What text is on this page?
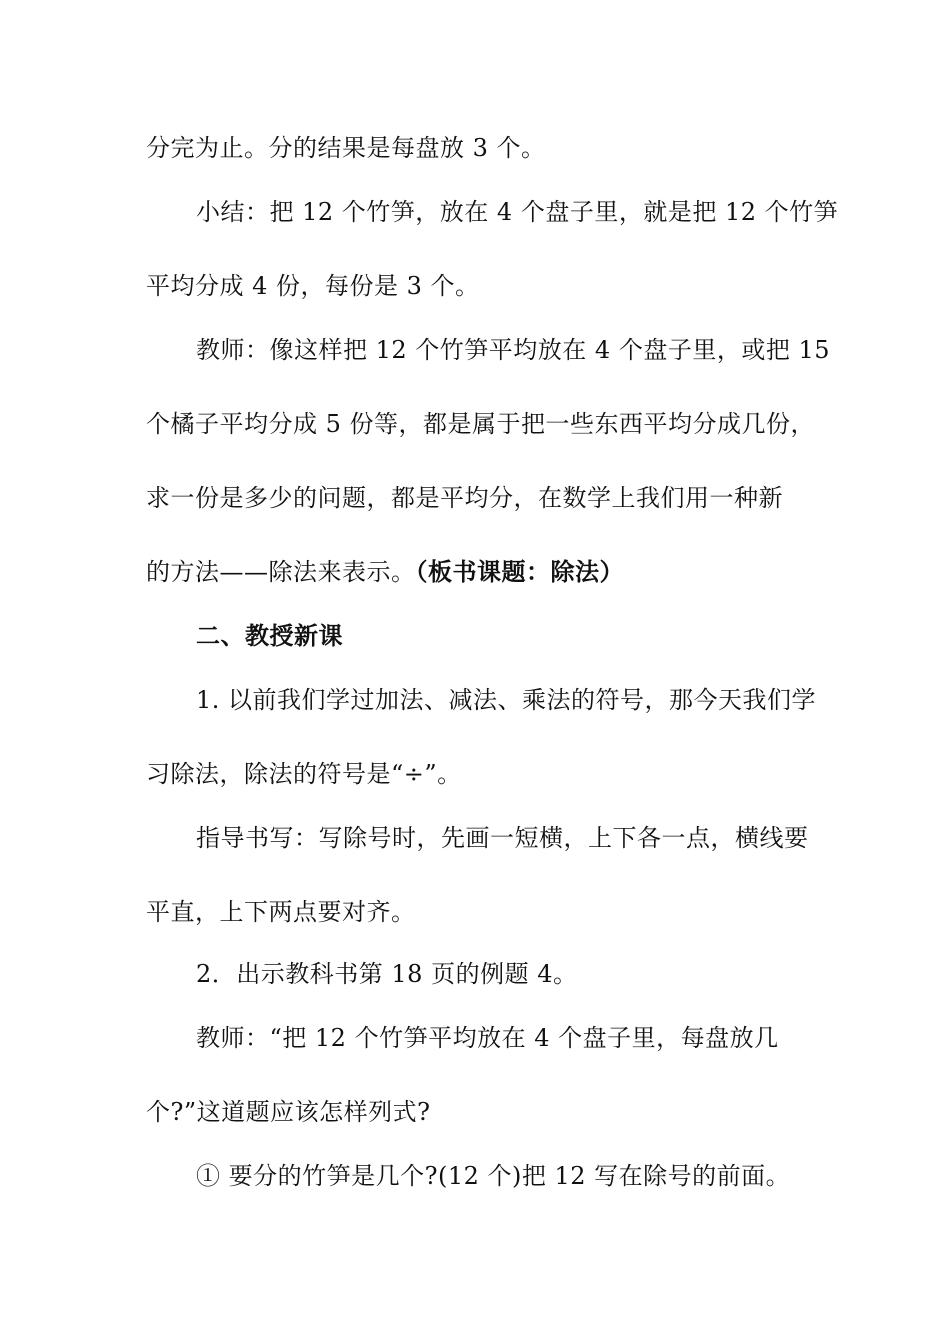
分完为止。分的结果是每盘放 3 个。
小结：把 12 个竹笋，放在 4 个盘子里，就是把 12 个竹笋
平均分成 4 份，每份是 3 个。
教师：像这样把 12 个竹笋平均放在 4 个盘子里，或把 15
个橘子平均分成 5 份等，都是属于把一些东西平均分成几份，
求一份是多少的问题，都是平均分，在数学上我们用一种新
的方法——除法来表示。（板书课题：除法）
二、教授新课
1. 以前我们学过加法、减法、乘法的符号，那今天我们学
习除法，除法的符号是“÷”。
指导书写：写除号时，先画一短横，上下各一点，横线要
平直，上下两点要对齐。
2．出示教科书第 18 页的例题 4。
教师：“把 12 个竹笋平均放在 4 个盘子里，每盘放几
个?”这道题应该怎样列式?
① 要分的竹笋是几个?(12 个)把 12 写在除号的前面。
